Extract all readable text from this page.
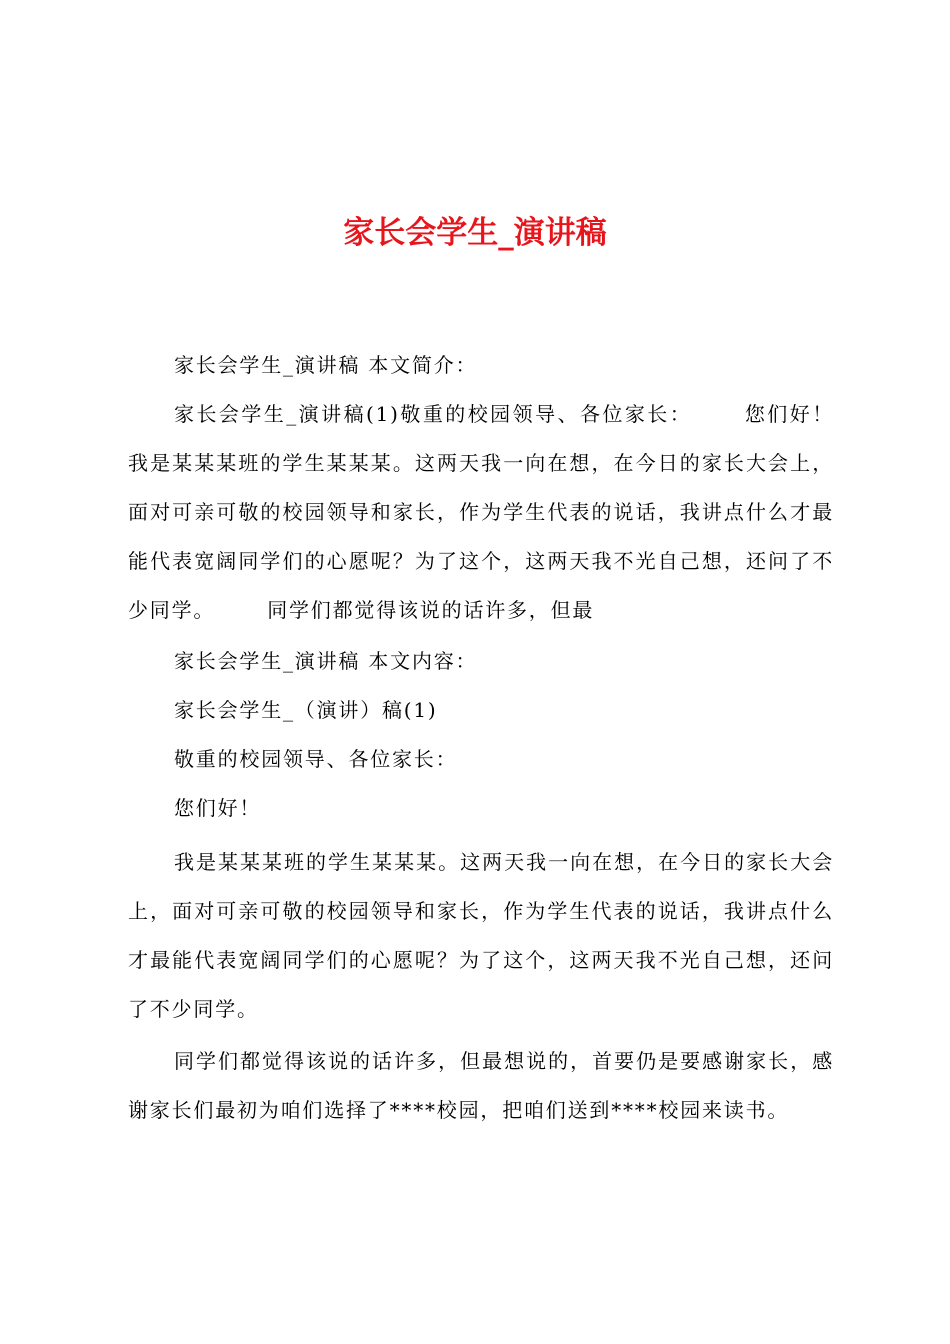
家长会学生_演讲稿

家长会学生_演讲稿 本文简介：

家长会学生_演讲稿(1)敬重的校园领导、各位家长：	您们好！我是某某某班的学生某某某。这两天我一向在想，在今日的家长大会上，面对可亲可敬的校园领导和家长，作为学生代表的说话，我讲点什么才最能代表宽阔同学们的心愿呢？为了这个，这两天我不光自己想，还问了不少同学。	同学们都觉得该说的话许多，但最

家长会学生_演讲稿 本文内容：

家长会学生_（演讲）稿(1)

敬重的校园领导、各位家长：

您们好！

我是某某某班的学生某某某。这两天我一向在想，在今日的家长大会上，面对可亲可敬的校园领导和家长，作为学生代表的说话，我讲点什么才最能代表宽阔同学们的心愿呢？为了这个，这两天我不光自己想，还问了不少同学。

同学们都觉得该说的话许多，但最想说的，首要仍是要感谢家长，感谢家长们最初为咱们选择了****校园，把咱们送到****校园来读书。
